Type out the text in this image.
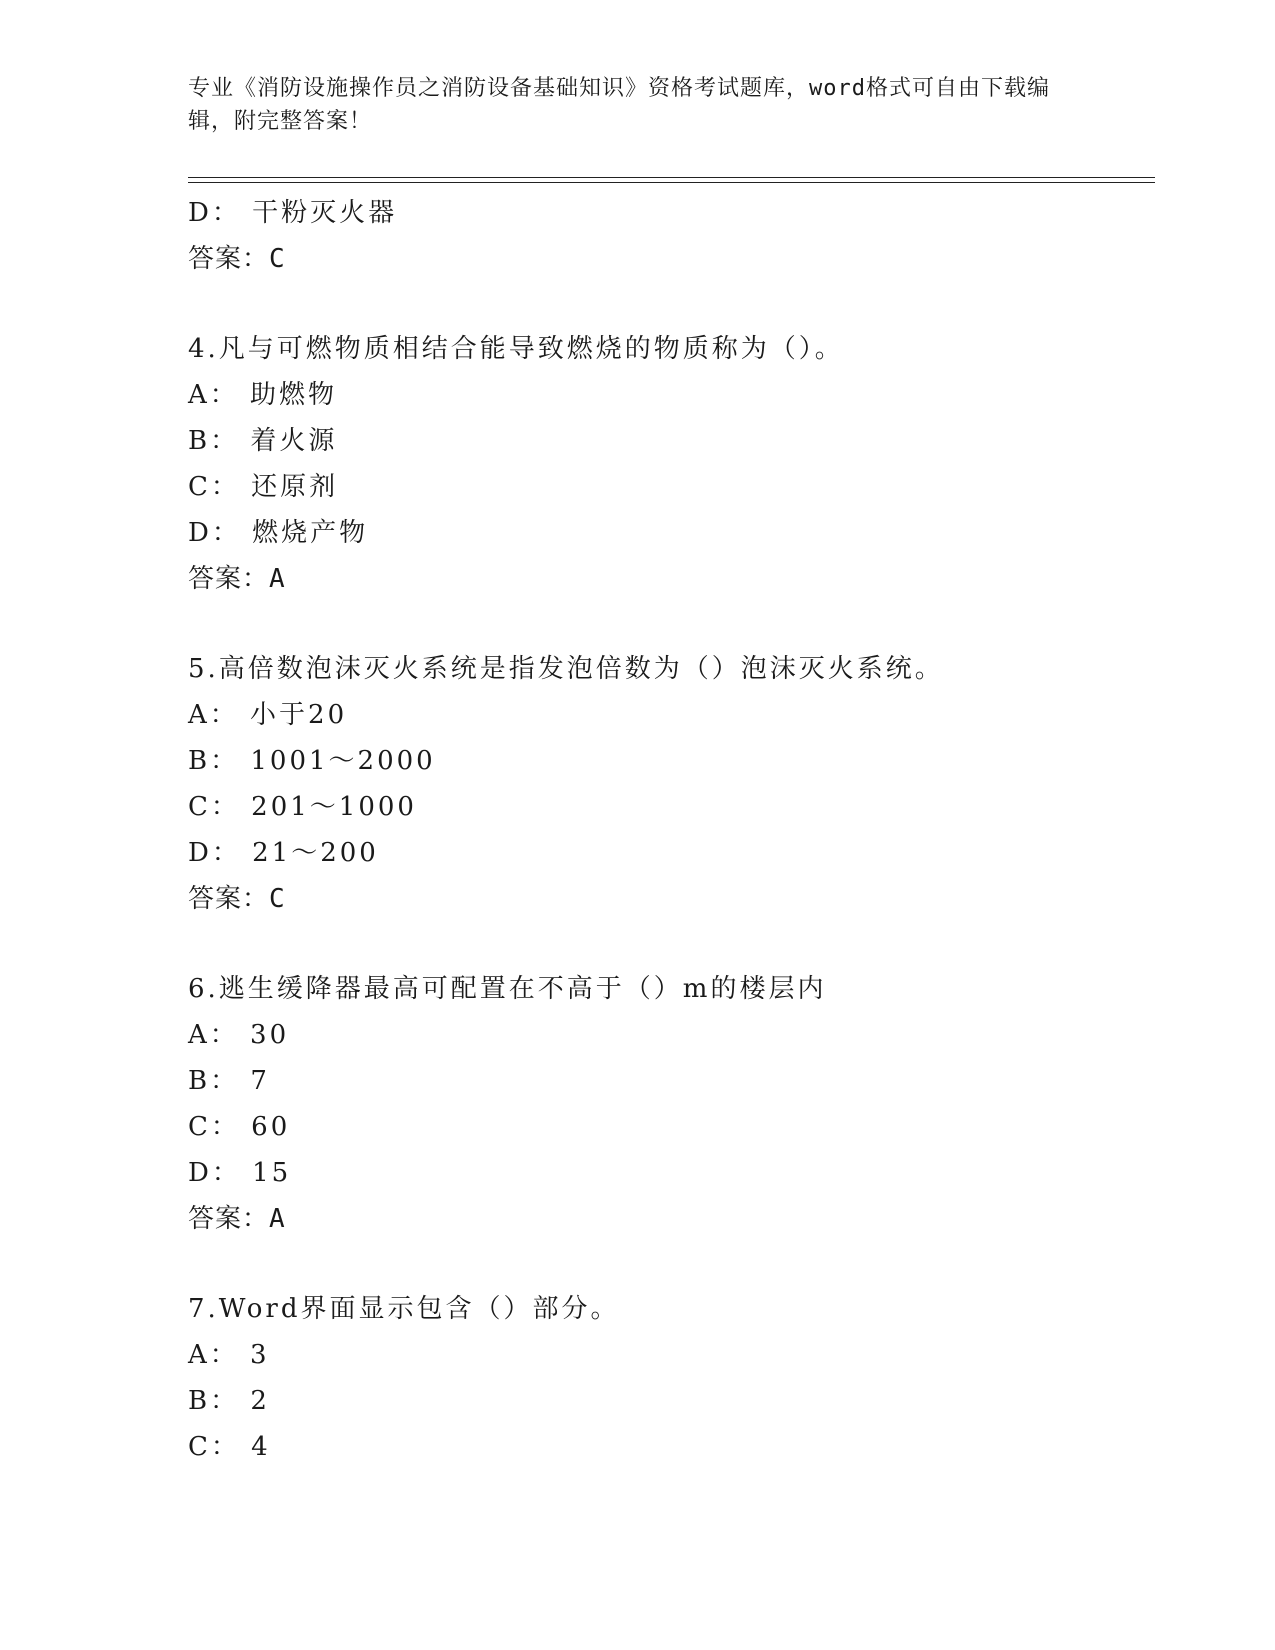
专业《消防设施操作员之消防设备基础知识》资格考试题库，word格式可自由下载编辑，附完整答案！
D： 干粉灭火器
答案：C
4.凡与可燃物质相结合能导致燃烧的物质称为（）。
A： 助燃物
B： 着火源
C： 还原剂
D： 燃烧产物
答案：A
5.高倍数泡沫灭火系统是指发泡倍数为（）泡沫灭火系统。
A： 小于20
B： 1001～2000
C： 201～1000
D： 21～200
答案：C
6.逃生缓降器最高可配置在不高于（）m的楼层内
A： 30
B： 7
C： 60
D： 15
答案：A
7.Word界面显示包含（）部分。
A： 3
B： 2
C： 4
